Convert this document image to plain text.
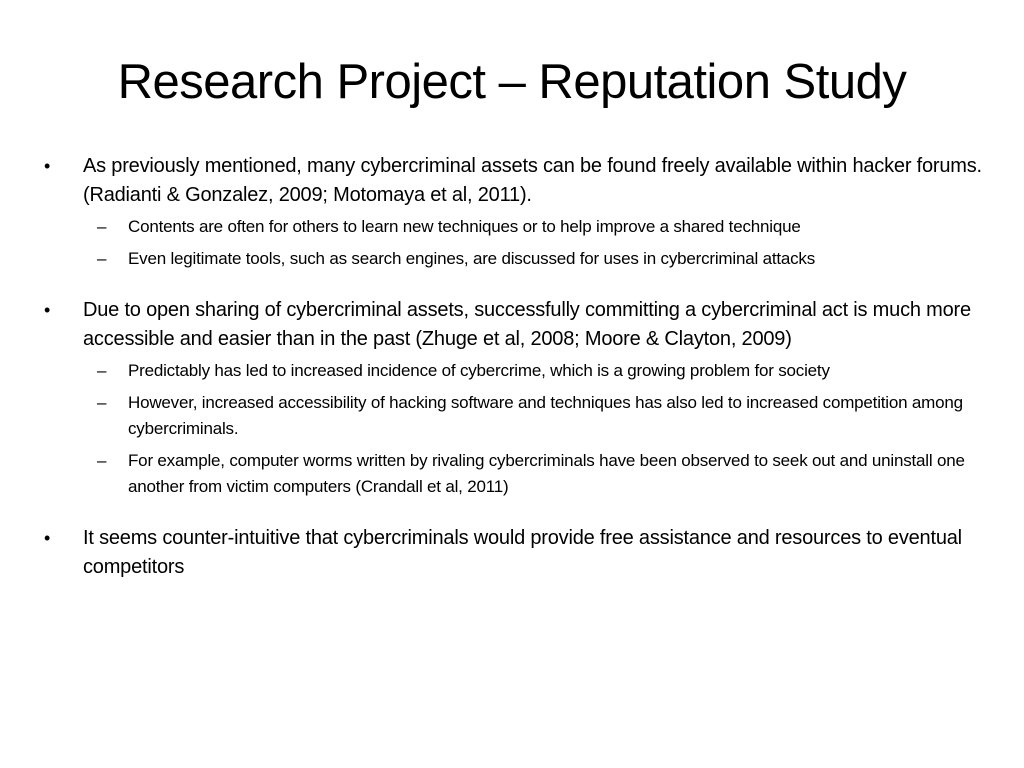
Research Project – Reputation Study
• As previously mentioned, many cybercriminal assets can be found freely available within hacker forums. (Radianti & Gonzalez, 2009; Motomaya et al, 2011).
– Contents are often for others to learn new techniques or to help improve a shared technique
– Even legitimate tools, such as search engines, are discussed for uses in cybercriminal attacks
• Due to open sharing of cybercriminal assets, successfully committing a cybercriminal act is much more accessible and easier than in the past (Zhuge et al, 2008; Moore & Clayton, 2009)
– Predictably has led to increased incidence of cybercrime, which is a growing problem for society
– However, increased accessibility of hacking software and techniques has also led to increased competition among cybercriminals.
– For example, computer worms written by rivaling cybercriminals have been observed to seek out and uninstall one another from victim computers (Crandall et al, 2011)
• It seems counter-intuitive that cybercriminals would provide free assistance and resources to eventual competitors
